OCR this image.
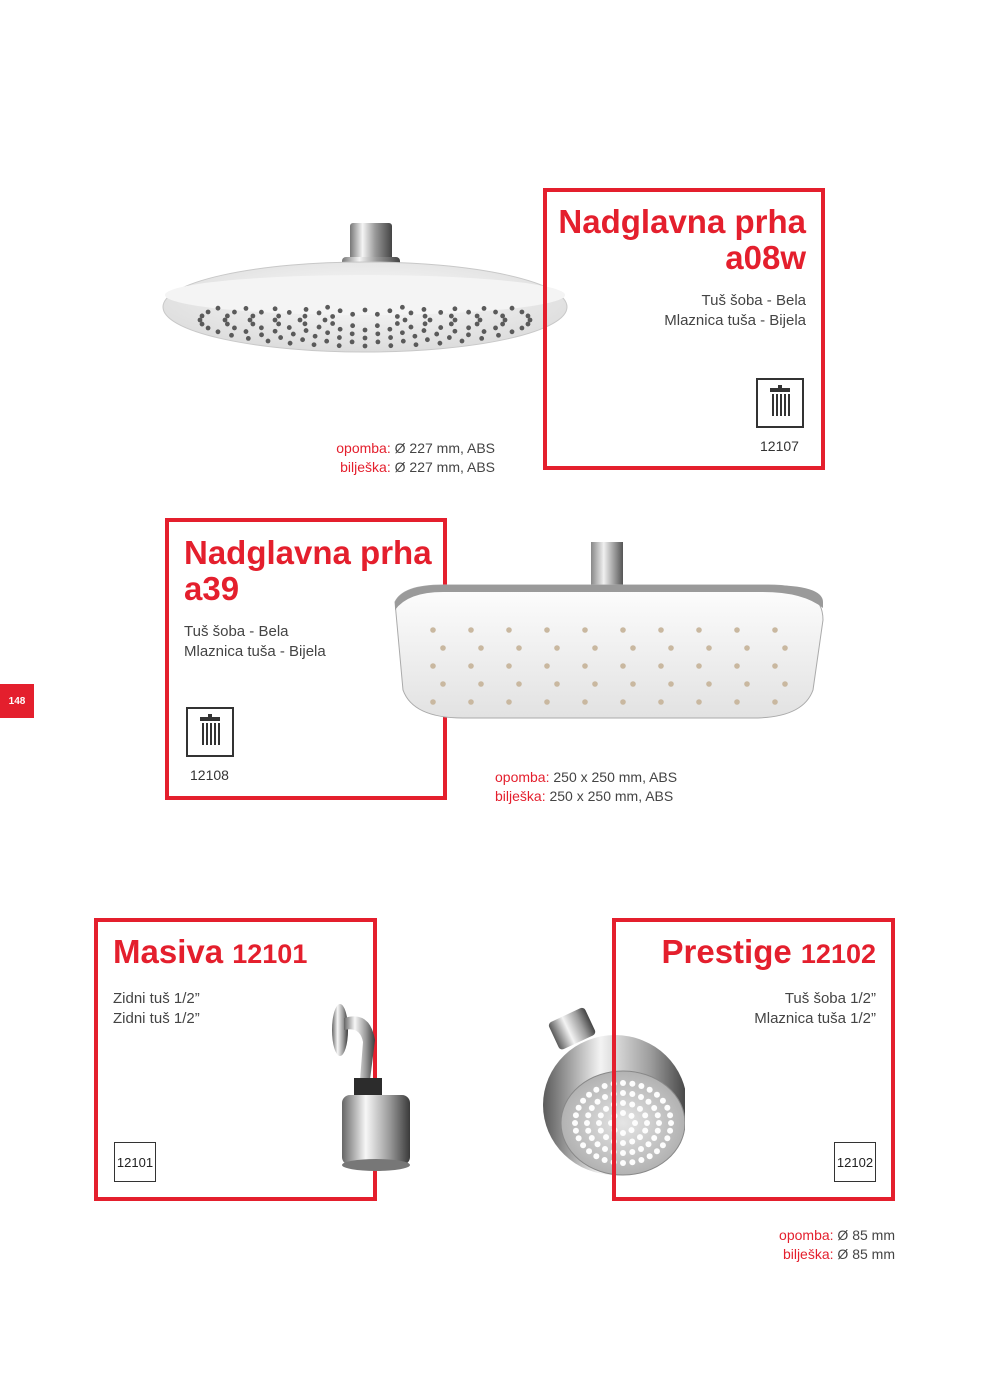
Nadglavna prha
a08w
Tuš šoba - Bela
Mlaznica tuša - Bijela
12107
opomba: Ø 227 mm, ABS
bilješka: Ø 227 mm, ABS
Nadglavna prha
a39
Tuš šoba - Bela
Mlaznica tuša - Bijela
12108	opomba: 250 x 250 mm, ABS
bilješka: 250 x 250 mm, ABS
148
Masiva 12101
Zidni tuš 1/2”
Zidni tuš 1/2”
12101
Prestige 12102
Tuš šoba 1/2”
Mlaznica tuša 1/2”
12102
opomba: Ø 85 mm
bilješka: Ø 85 mm
